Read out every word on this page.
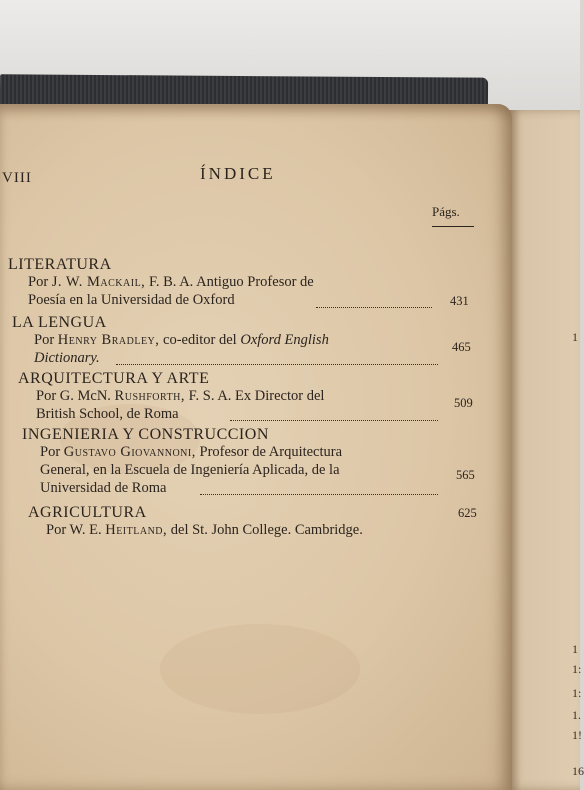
1
1
1:
1:
1.
1!
16
VIII	ÍNDICE
Págs.
LITERATURA
Por J. W. Mackail, F. B. A. Antiguo Profesor de
Poesía en la Universidad de Oxford	431
LA LENGUA
Por Henry Bradley, co-editor del Oxford English
Dictionary.
465
ARQUITECTURA Y ARTE
Por G. McN. Rushforth, F. S. A. Ex Director del
British School, de Roma
509
INGENIERIA Y CONSTRUCCION
Por Gustavo Giovannoni, Profesor de Arquitectura
General, en la Escuela de Ingeniería Aplicada, de la
Universidad de Roma
565
AGRICULTURA
Por W. E. Heitland, del St. John College. Cambridge.
625
